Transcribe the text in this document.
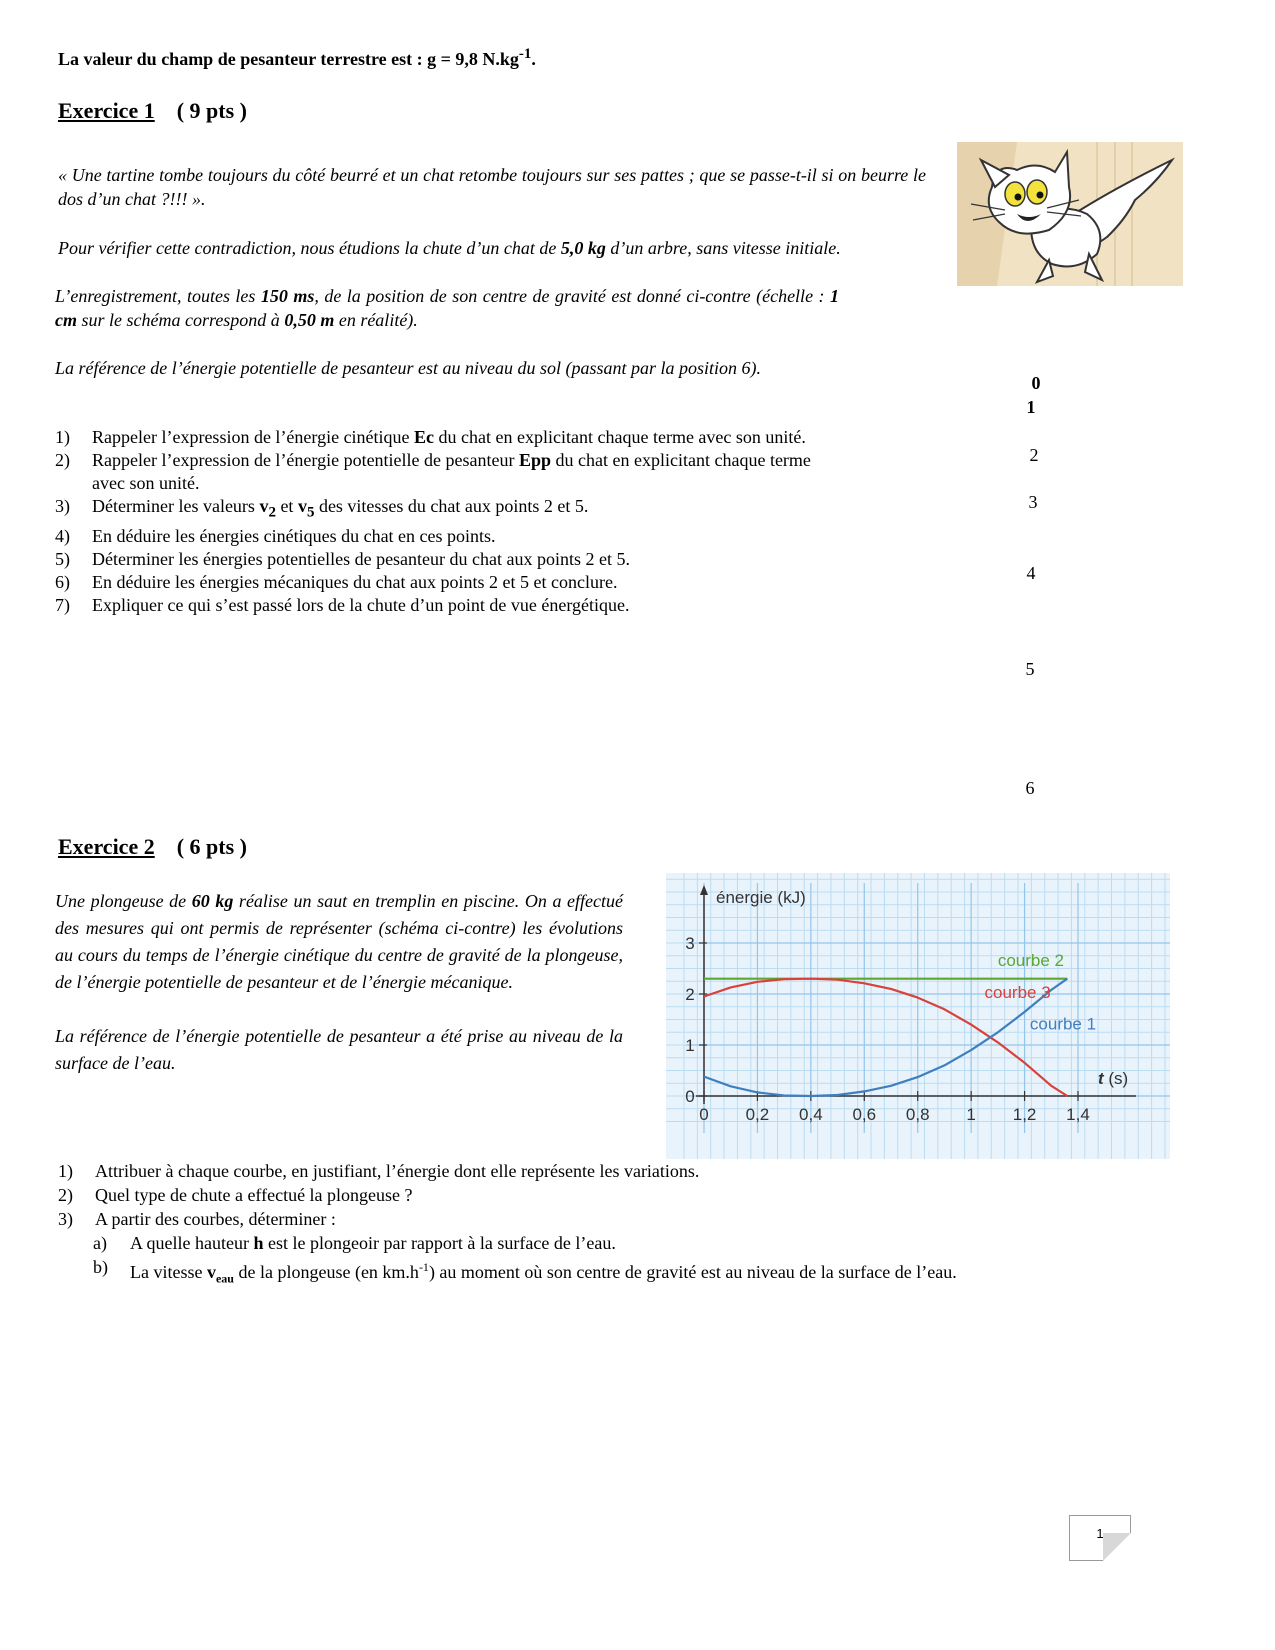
La valeur du champ de pesanteur terrestre est : g = 9,8 $N.kg^{-1}$.
Exercice 1 ( 9 pts )
« Une tartine tombe toujours du côté beurré et un chat retombe toujours sur ses pattes ; que se passe-t-il si on beurre le dos d’un chat ?!!! ».
Pour vérifier cette contradiction, nous étudions la chute d’un chat de 5,0 kg d’un arbre, sans vitesse initiale.
L’enregistrement, toutes les 150 ms, de la position de son centre de gravité est donné ci-contre (échelle : 1 cm sur le schéma correspond à 0,50 m en réalité).
La référence de l’énergie potentielle de pesanteur est au niveau du sol (passant par la position 6).
1) Rappeler l’expression de l’énergie cinétique Ec du chat en explicitant chaque terme avec son unité.
2) Rappeler l’expression de l’énergie potentielle de pesanteur Epp du chat en explicitant chaque terme avec son unité.
3) Déterminer les valeurs $v_2$ et $v_5$ des vitesses du chat aux points 2 et 5.
4) En déduire les énergies cinétiques du chat en ces points.
5) Déterminer les énergies potentielles de pesanteur du chat aux points 2 et 5.
6) En déduire les énergies mécaniques du chat aux points 2 et 5 et conclure.
7) Expliquer ce qui s’est passé lors de la chute d’un point de vue énergétique.
0
1
2
3
4
5
6
Exercice 2 ( 6 pts )
Une plongeuse de 60 kg réalise un saut en tremplin en piscine. On a effectué des mesures qui ont permis de représenter (schéma ci-contre) les évolutions au cours du temps de l’énergie cinétique du centre de gravité de la plongeuse, de l’énergie potentielle de pesanteur et de l’énergie mécanique.
La référence de l’énergie potentielle de pesanteur a été prise au niveau de la surface de l’eau.
0 0,2 0,4 0,6 0,8 1 1,2 1,4
0
1
2
3
énergie (kJ)
t (s)
courbe 2
courbe 3
courbe 1
1) Attribuer à chaque courbe, en justifiant, l’énergie dont elle représente les variations.
2) Quel type de chute a effectué la plongeuse ?
3) A partir des courbes, déterminer :
a) A quelle hauteur h est le plongeoir par rapport à la surface de l’eau.
b) La vitesse $v_{eau}$ de la plongeuse (en $km.h^{-1}$) au moment où son centre de gravité est au niveau de la surface de l’eau.
1
